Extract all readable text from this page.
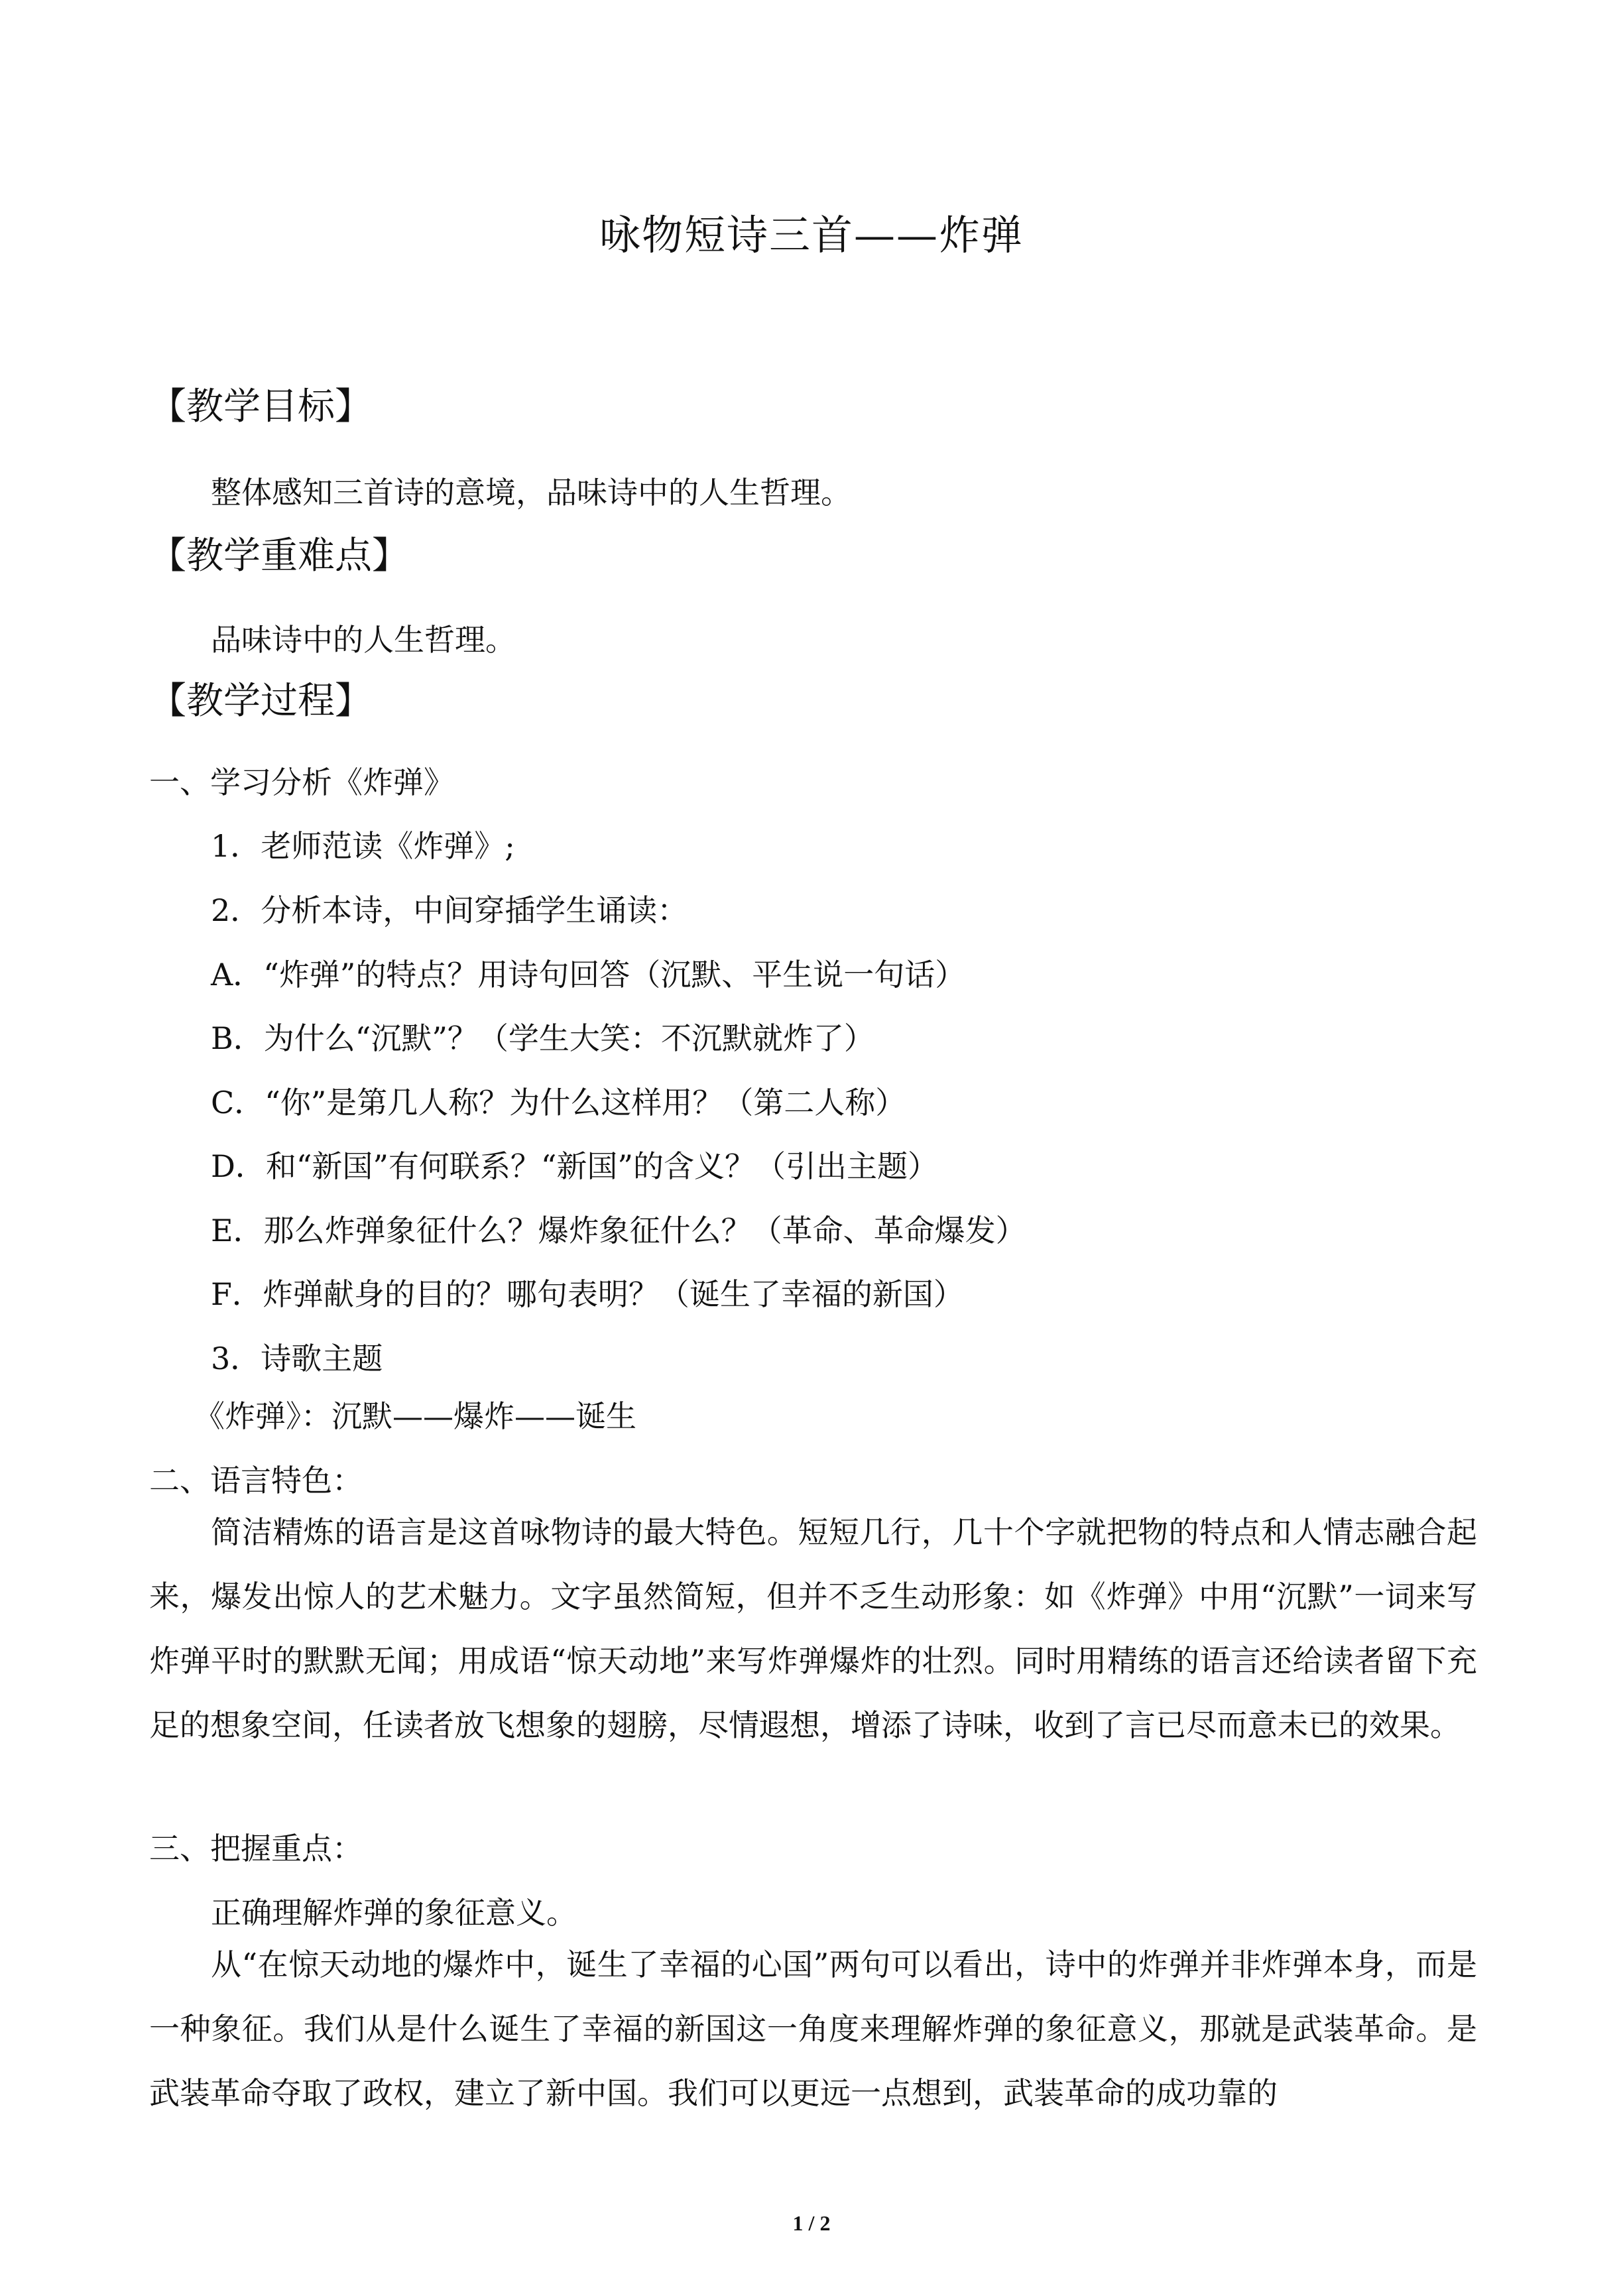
咏物短诗三首——炸弹
【教学目标】
整体感知三首诗的意境，品味诗中的人生哲理。
【教学重难点】
品味诗中的人生哲理。
【教学过程】
一、学习分析《炸弹》
1．老师范读《炸弹》;
2．分析本诗，中间穿插学生诵读：
A．“炸弹”的特点？用诗句回答（沉默、平生说一句话）
B．为什么“沉默”？（学生大笑：不沉默就炸了）
C．“你”是第几人称？为什么这样用？（第二人称）
D．和“新国”有何联系？“新国”的含义？（引出主题）
E．那么炸弹象征什么？爆炸象征什么？（革命、革命爆发）
F．炸弹献身的目的？哪句表明？（诞生了幸福的新国）
3．诗歌主题
《炸弹》：沉默——爆炸——诞生
二、语言特色：
简洁精炼的语言是这首咏物诗的最大特色。短短几行，几十个字就把物的特点和人情志融合起来，爆发出惊人的艺术魅力。文字虽然简短，但并不乏生动形象：如《炸弹》中用“沉默”一词来写炸弹平时的默默无闻；用成语“惊天动地”来写炸弹爆炸的壮烈。同时用精练的语言还给读者留下充足的想象空间，任读者放飞想象的翅膀，尽情遐想，增添了诗味，收到了言已尽而意未已的效果。
三、把握重点：
正确理解炸弹的象征意义。
从“在惊天动地的爆炸中，诞生了幸福的心国”两句可以看出，诗中的炸弹并非炸弹本身，而是一种象征。我们从是什么诞生了幸福的新国这一角度来理解炸弹的象征意义，那就是武装革命。是武装革命夺取了政权，建立了新中国。我们可以更远一点想到，武装革命的成功靠的
1 / 2
